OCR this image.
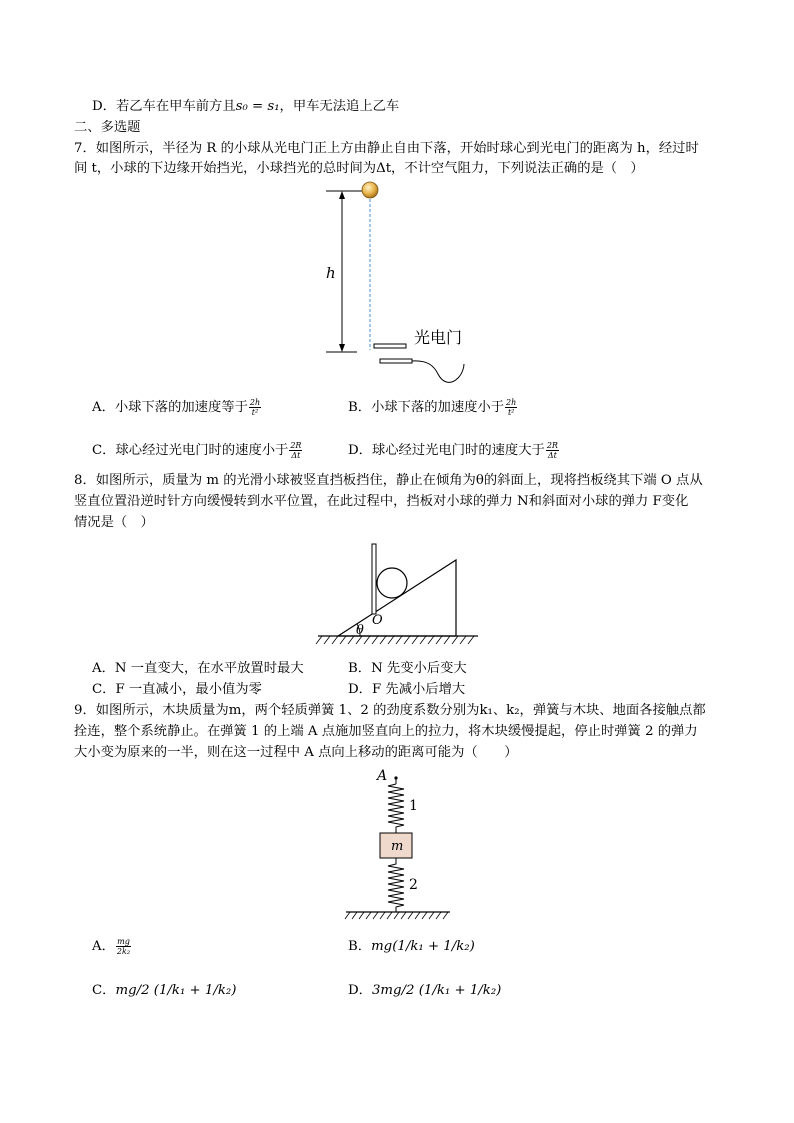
D．若乙车在甲车前方且s₀ = s₁，甲车无法追上乙车
二、多选题
7．如图所示，半径为 R 的小球从光电门正上方由静止自由下落，开始时球心到光电门的距离为 h，经过时
间 t，小球的下边缘开始挡光，小球挡光的总时间为Δt，不计空气阻力，下列说法正确的是（　）
h
光电门
A．小球下落的加速度等于 $\frac{2h}{\text{t²}}$	B．小球下落的加速度小于 $\frac{2h}{\text{t²}}$
C．球心经过光电门时的速度小于 $\frac{2R}{\Delta t}$	D．球心经过光电门时的速度大于 $\frac{2R}{\Delta t}$
8．如图所示，质量为 m 的光滑小球被竖直挡板挡住，静止在倾角为θ的斜面上，现将挡板绕其下端 O 点从
竖直位置沿逆时针方向缓慢转到水平位置，在此过程中，挡板对小球的弹力 N和斜面对小球的弹力 F变化
情况是（　）
θ
O
A．N 一直变大，在水平放置时最大	B．N 先变小后变大
C．F 一直减小，最小值为零	D．F 先减小后增大
9．如图所示，木块质量为m，两个轻质弹簧 1、2 的劲度系数分别为k₁、k₂，弹簧与木块、地面各接触点都
拴连，整个系统静止。在弹簧 1 的上端 A 点施加竖直向上的拉力，将木块缓慢提起，停止时弹簧 2 的弹力
大小变为原来的一半，则在这一过程中 A 点向上移动的距离可能为（　　）
A
1
m
2
A． $\frac{mg}{\text{2k₂}}$	B．mg(1/k₁ + 1/k₂)
C．mg/2 (1/k₁ + 1/k₂)	D．3mg/2 (1/k₁ + 1/k₂)
